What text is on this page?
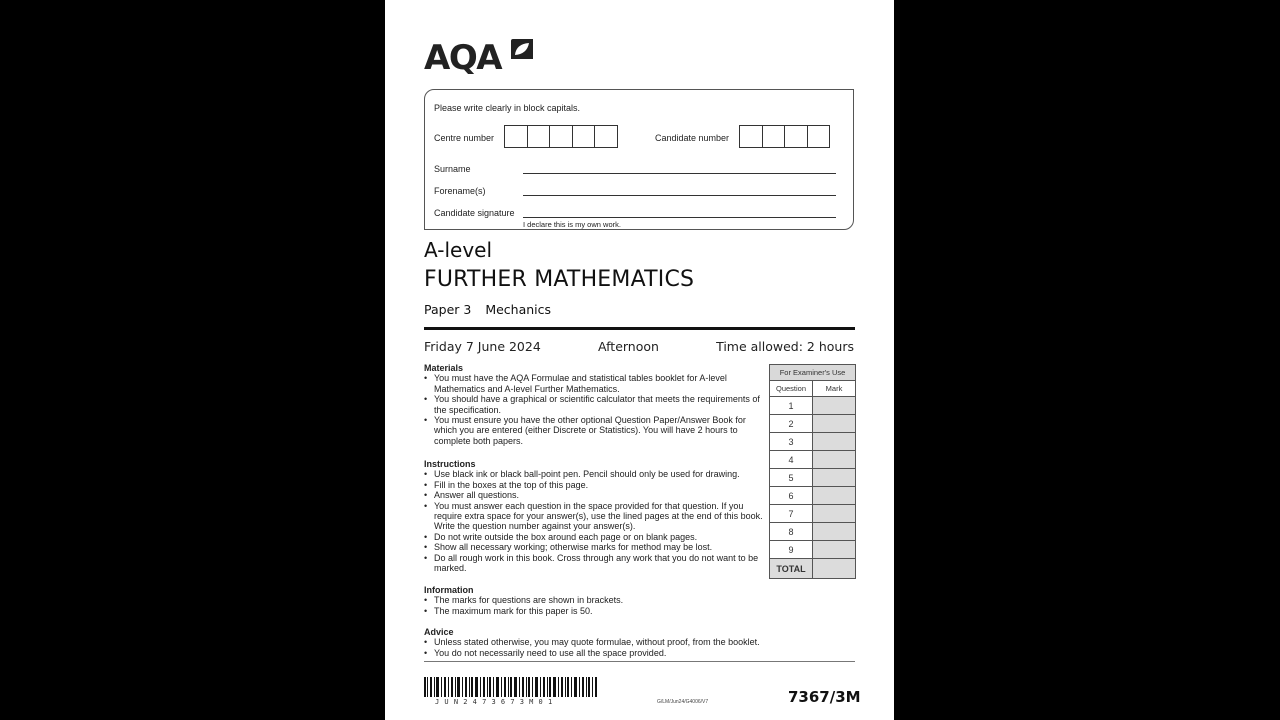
AQA
Please write clearly in block capitals.
Centre number	Candidate number
Surname
Forename(s)
Candidate signature
I declare this is my own work.
A-level
FURTHER MATHEMATICS
Paper 3 Mechanics
Friday 7 June 2024	Afternoon	Time allowed: 2 hours

Materials

• You must have the AQA Formulae and statistical tables booklet for A-level Mathematics and A-level Further Mathematics.
• You should have a graphical or scientific calculator that meets the requirements of the specification.
• You must ensure you have the other optional Question Paper/Answer Book for which you are entered (either Discrete or Statistics). You will have 2 hours to complete both papers.

Instructions

• Use black ink or black ball-point pen. Pencil should only be used for drawing.
• Fill in the boxes at the top of this page.
• Answer all questions.
• You must answer each question in the space provided for that question. If you require extra space for your answer(s), use the lined pages at the end of this book. Write the question number against your answer(s).
• Do not write outside the box around each page or on blank pages.
• Show all necessary working; otherwise marks for method may be lost.
• Do all rough work in this book. Cross through any work that you do not want to be marked.

Information

• The marks for questions are shown in brackets.
• The maximum mark for this paper is 50.

Advice

• Unless stated otherwise, you may quote formulae, without proof, from the booklet.
• You do not necessarily need to use all the space provided.
For Examiner's Use	
Question	Mark
1	
2	
3	
4	
5	
6	
7	
8	
9	
TOTAL	
JUN2473673M01	G/LM/Jun24/G4006/V7	7367/3M
